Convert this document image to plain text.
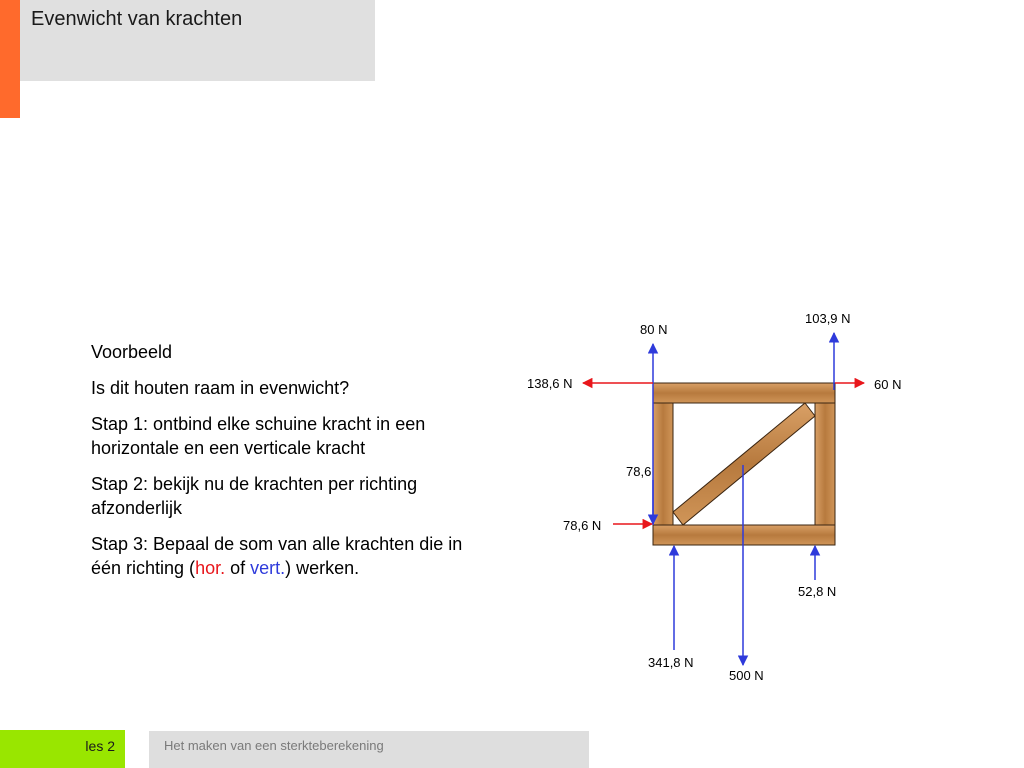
Evenwicht van krachten

Voorbeeld

Is dit houten raam in evenwicht?

Stap 1: ontbind elke schuine kracht in een horizontale en een verticale kracht

Stap 2: bekijk nu de krachten per richting afzonderlijk

Stap 3: Bepaal de som van alle krachten die in één richting (hor. of vert.) werken.

80 N
103,9 N
138,6 N	60 N
78,6
78,6 N
52,8 N
341,8 N
500 N
les 2	Het maken van een sterkteberekening
